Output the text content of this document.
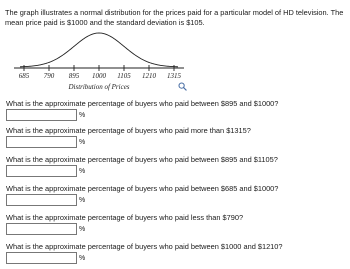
The graph illustrates a normal distribution for the prices paid for a particular model of HD television. The mean price paid is $1000 and the standard deviation is $105.

685 790 895 1000 1105 1210 1315
Distribution of Prices
What is the approximate percentage of buyers who paid between $895 and $1000?
%
What is the approximate percentage of buyers who paid more than $1315?
%
What is the approximate percentage of buyers who paid between $895 and $1105?
%
What is the approximate percentage of buyers who paid between $685 and $1000?
%
What is the approximate percentage of buyers who paid less than $790?
%
What is the approximate percentage of buyers who paid between $1000 and $1210?
%
